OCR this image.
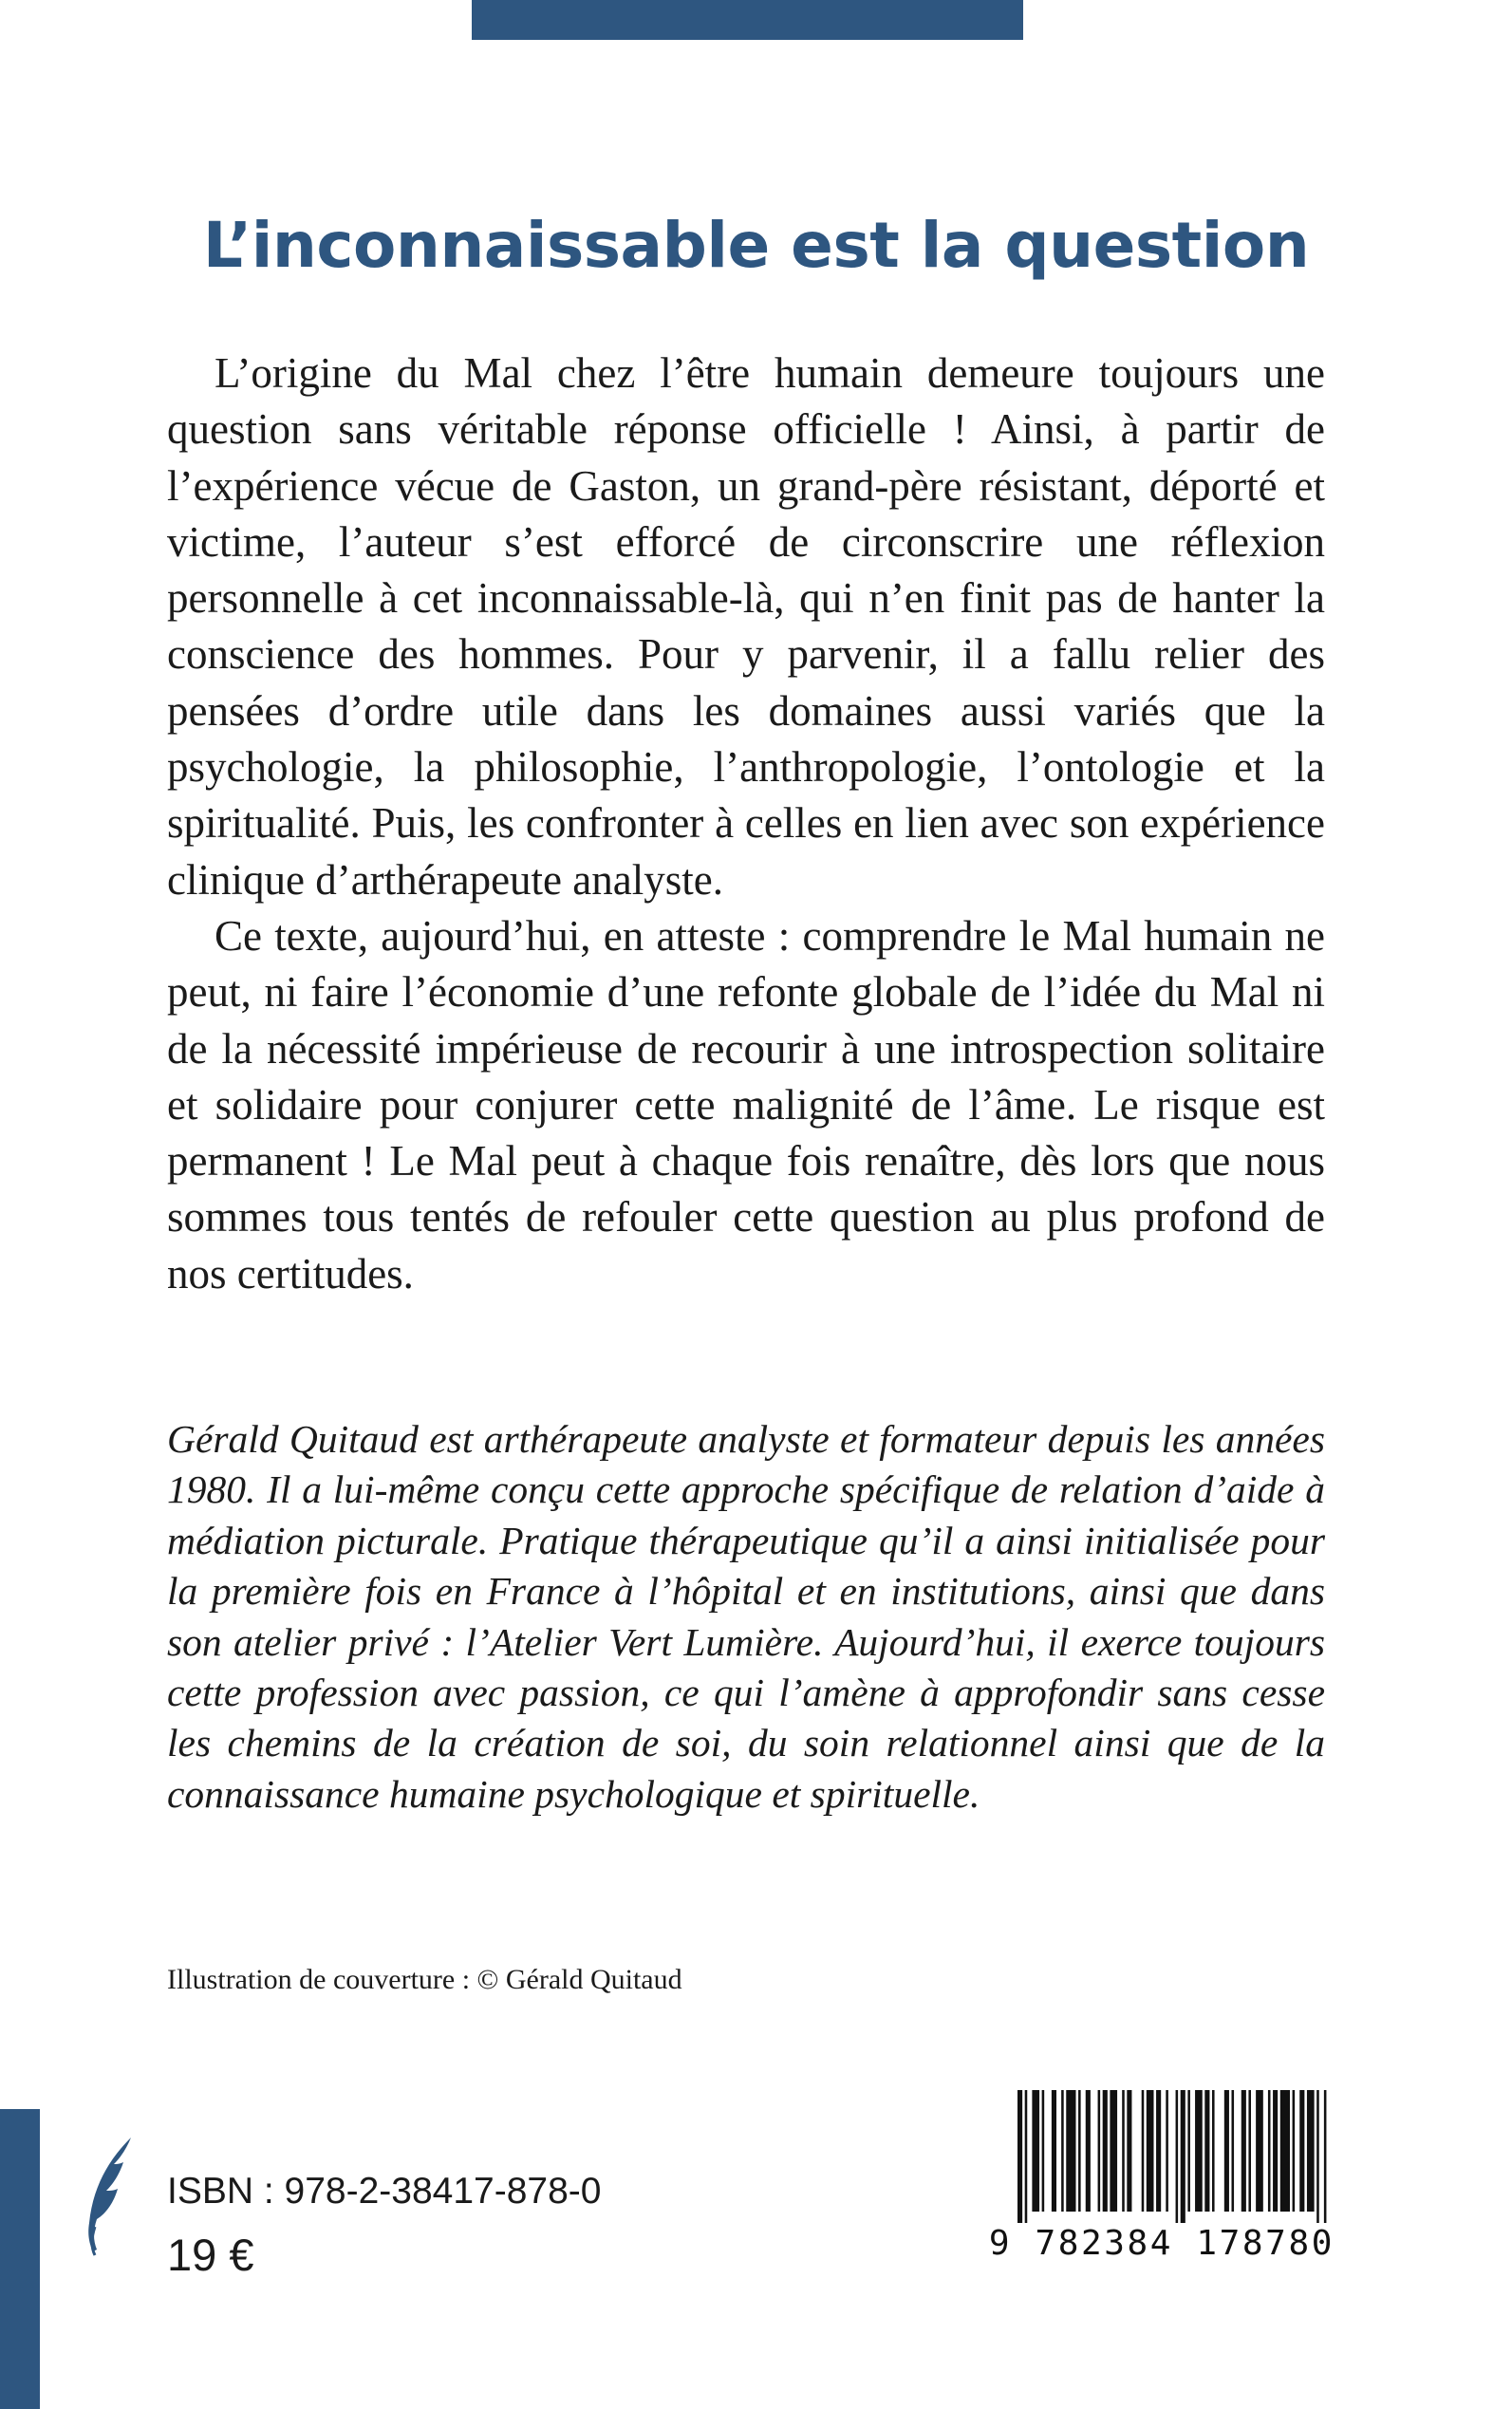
L’inconnaissable est la question

L’origine du Mal chez l’être humain demeure toujours une question sans véritable réponse officielle ! Ainsi, à partir de l’expérience vécue de Gaston, un grand-père résistant, déporté et victime, l’auteur s’est efforcé de circonscrire une réflexion personnelle à cet inconnaissable-là, qui n’en finit pas de hanter la conscience des hommes. Pour y parvenir, il a fallu relier des pensées d’ordre utile dans les domaines aussi variés que la psychologie, la philosophie, l’anthropologie, l’ontologie et la spiritualité. Puis, les confronter à celles en lien avec son expérience clinique d’arthérapeute analyste.

Ce texte, aujourd’hui, en atteste : comprendre le Mal humain ne peut, ni faire l’économie d’une refonte globale de l’idée du Mal ni de la nécessité impérieuse de recourir à une introspection solitaire et solidaire pour conjurer cette malignité de l’âme. Le risque est permanent ! Le Mal peut à chaque fois renaître, dès lors que nous sommes tous tentés de refouler cette question au plus profond de nos certitudes.

Gérald Quitaud est arthérapeute analyste et formateur depuis les années 1980. Il a lui-même conçu cette approche spécifique de relation d’aide à médiation picturale. Pratique thérapeutique qu’il a ainsi initialisée pour la première fois en France à l’hôpital et en institutions, ainsi que dans son atelier privé : l’Atelier Vert Lumière. Aujourd’hui, il exerce toujours cette profession avec passion, ce qui l’amène à approfondir sans cesse les chemins de la création de soi, du soin relationnel ainsi que de la connaissance humaine psychologique et spirituelle.

Illustration de couverture : © Gérald Quitaud

ISBN : 978-2-38417-878-0

19 €	9 782384 178780
